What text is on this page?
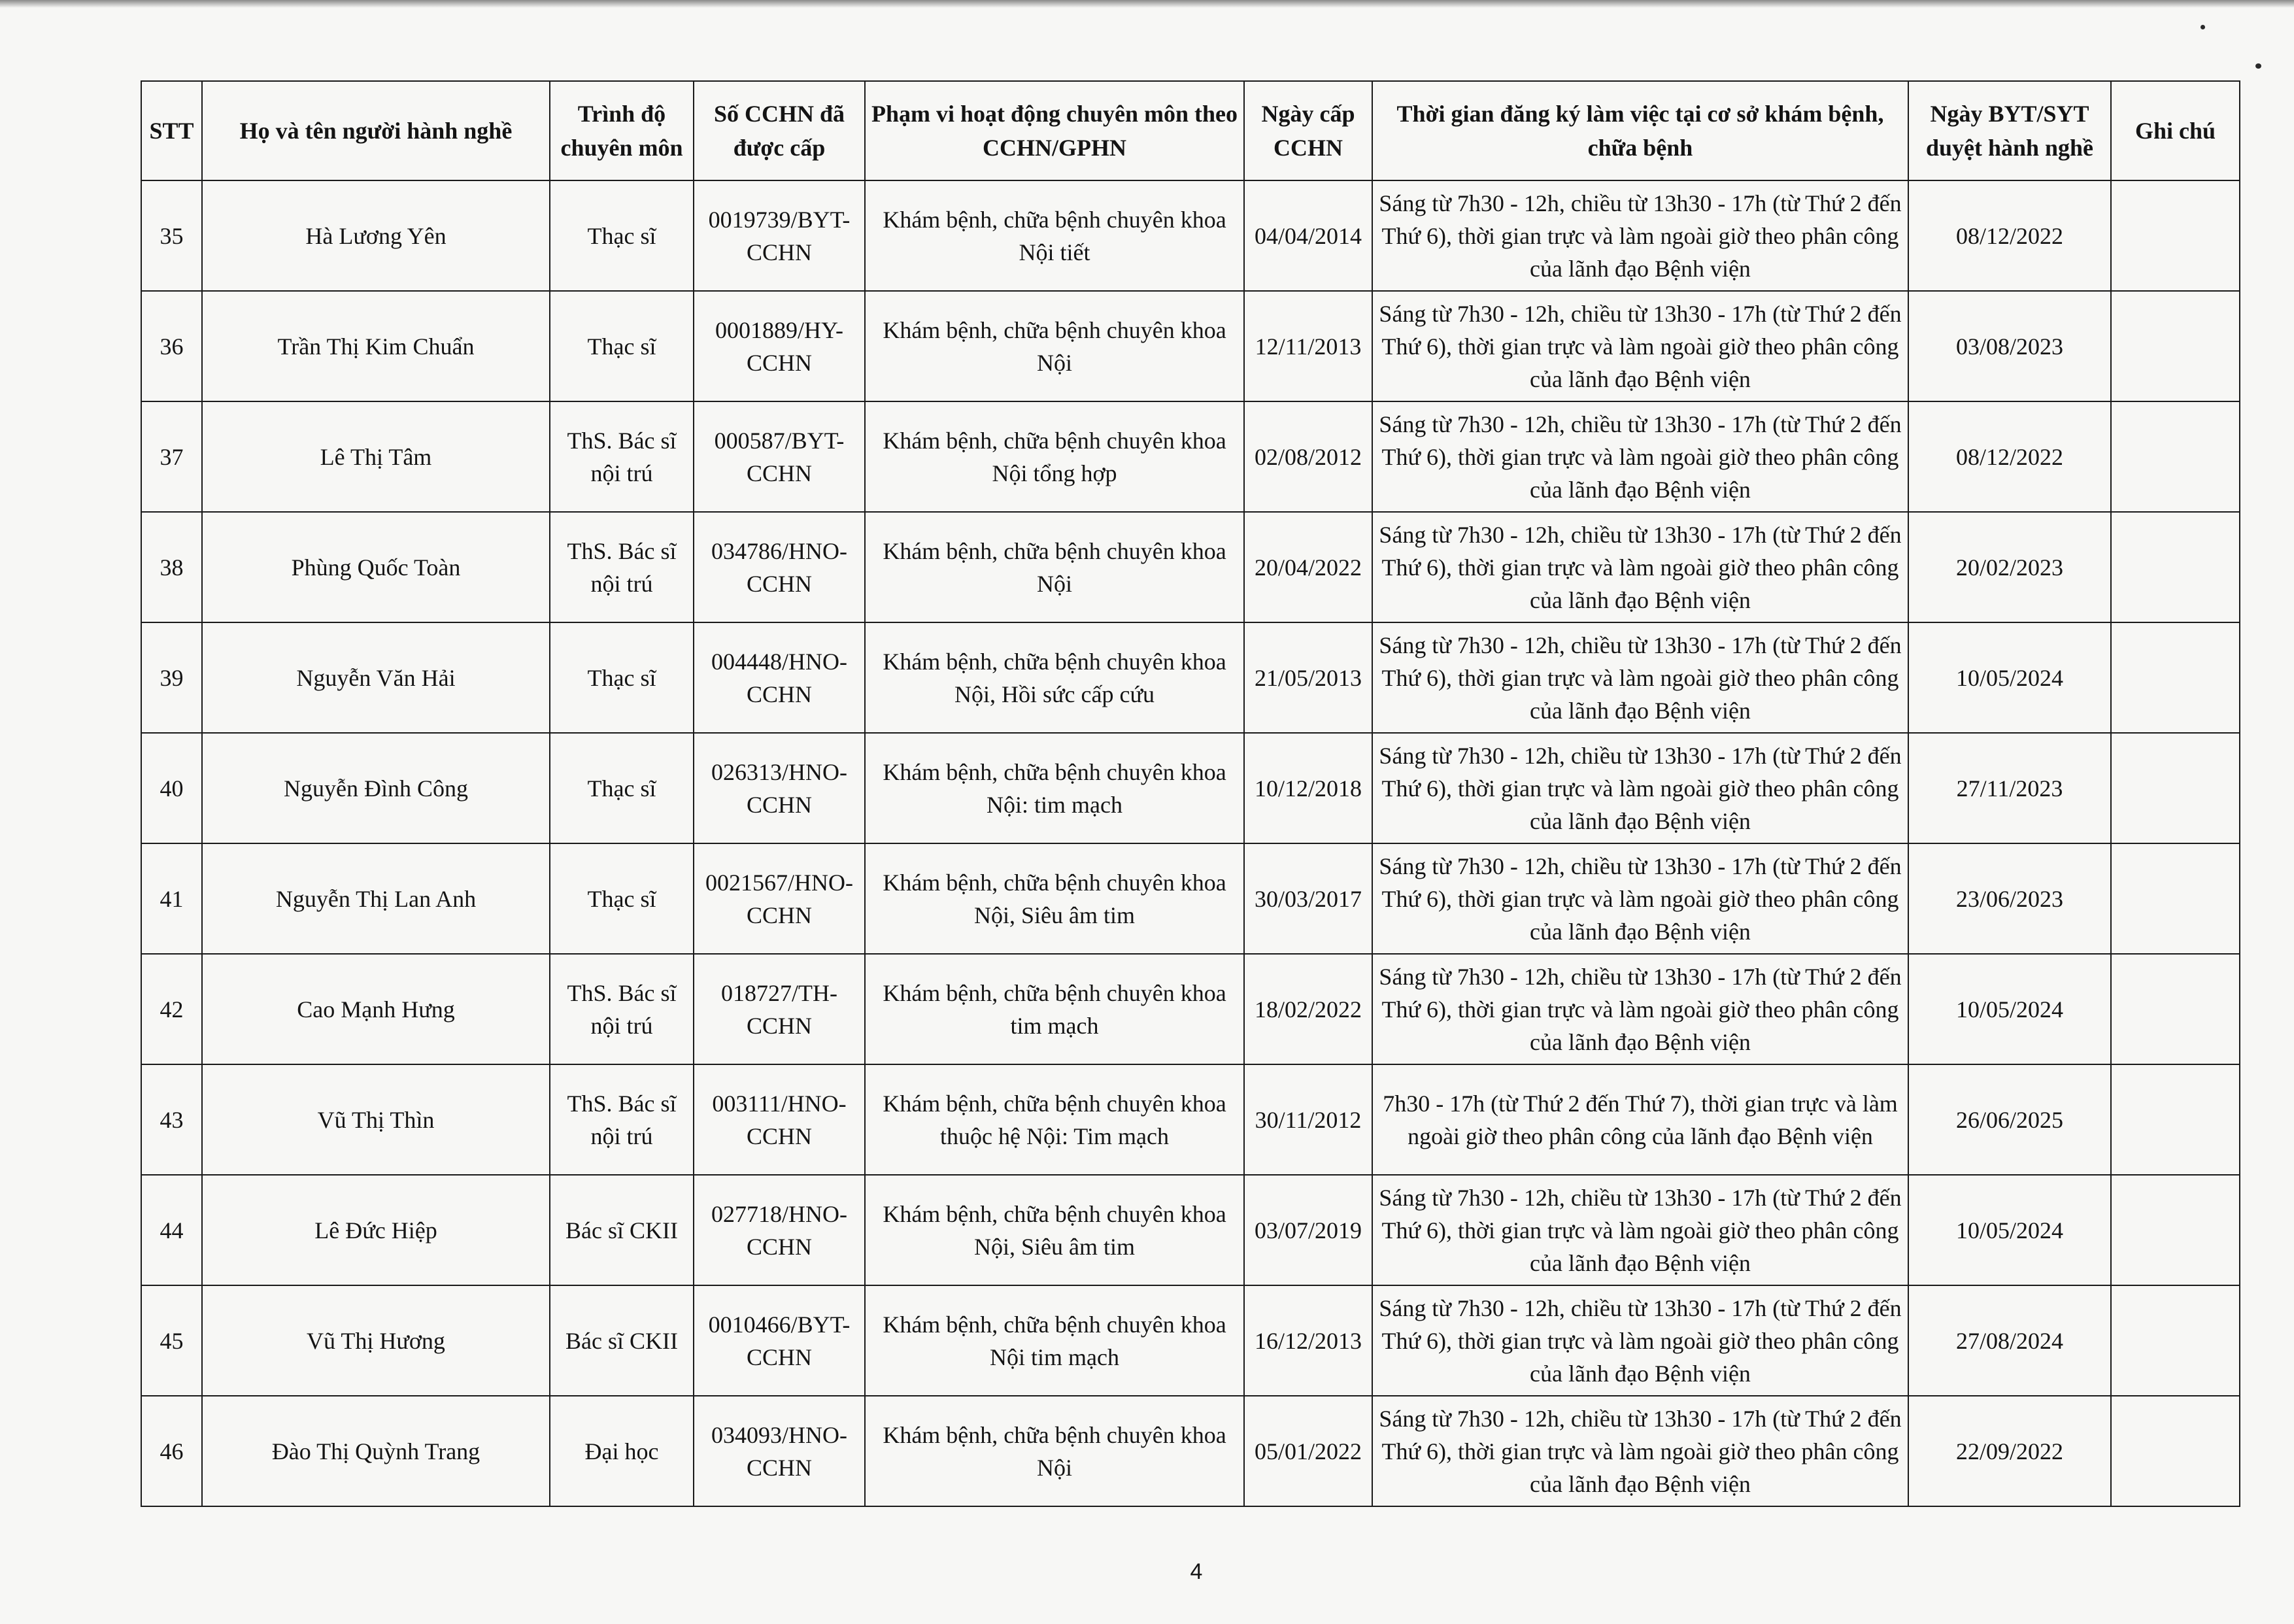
STT	Họ và tên người hành nghề	Trình độ chuyên môn	Số CCHN đã được cấp	Phạm vi hoạt động chuyên môn theo CCHN/GPHN	Ngày cấp CCHN	Thời gian đăng ký làm việc tại cơ sở khám bệnh, chữa bệnh	Ngày BYT/SYT duyệt hành nghề	Ghi chú
35	Hà Lương Yên	Thạc sĩ	0019739/BYT-CCHN	Khám bệnh, chữa bệnh chuyên khoa Nội tiết	04/04/2014	Sáng từ 7h30 - 12h, chiều từ 13h30 - 17h (từ Thứ 2 đến Thứ 6), thời gian trực và làm ngoài giờ theo phân công của lãnh đạo Bệnh viện	08/12/2022	
36	Trần Thị Kim Chuẩn	Thạc sĩ	0001889/HY-CCHN	Khám bệnh, chữa bệnh chuyên khoa Nội	12/11/2013	Sáng từ 7h30 - 12h, chiều từ 13h30 - 17h (từ Thứ 2 đến Thứ 6), thời gian trực và làm ngoài giờ theo phân công của lãnh đạo Bệnh viện	03/08/2023	
37	Lê Thị Tâm	ThS. Bác sĩ nội trú	000587/BYT-CCHN	Khám bệnh, chữa bệnh chuyên khoa Nội tổng hợp	02/08/2012	Sáng từ 7h30 - 12h, chiều từ 13h30 - 17h (từ Thứ 2 đến Thứ 6), thời gian trực và làm ngoài giờ theo phân công của lãnh đạo Bệnh viện	08/12/2022	
38	Phùng Quốc Toàn	ThS. Bác sĩ nội trú	034786/HNO-CCHN	Khám bệnh, chữa bệnh chuyên khoa Nội	20/04/2022	Sáng từ 7h30 - 12h, chiều từ 13h30 - 17h (từ Thứ 2 đến Thứ 6), thời gian trực và làm ngoài giờ theo phân công của lãnh đạo Bệnh viện	20/02/2023	
39	Nguyễn Văn Hải	Thạc sĩ	004448/HNO-CCHN	Khám bệnh, chữa bệnh chuyên khoa Nội, Hồi sức cấp cứu	21/05/2013	Sáng từ 7h30 - 12h, chiều từ 13h30 - 17h (từ Thứ 2 đến Thứ 6), thời gian trực và làm ngoài giờ theo phân công của lãnh đạo Bệnh viện	10/05/2024	
40	Nguyễn Đình Công	Thạc sĩ	026313/HNO-CCHN	Khám bệnh, chữa bệnh chuyên khoa Nội: tim mạch	10/12/2018	Sáng từ 7h30 - 12h, chiều từ 13h30 - 17h (từ Thứ 2 đến Thứ 6), thời gian trực và làm ngoài giờ theo phân công của lãnh đạo Bệnh viện	27/11/2023	
41	Nguyễn Thị Lan Anh	Thạc sĩ	0021567/HNO-CCHN	Khám bệnh, chữa bệnh chuyên khoa Nội, Siêu âm tim	30/03/2017	Sáng từ 7h30 - 12h, chiều từ 13h30 - 17h (từ Thứ 2 đến Thứ 6), thời gian trực và làm ngoài giờ theo phân công của lãnh đạo Bệnh viện	23/06/2023	
42	Cao Mạnh Hưng	ThS. Bác sĩ nội trú	018727/TH-CCHN	Khám bệnh, chữa bệnh chuyên khoa tim mạch	18/02/2022	Sáng từ 7h30 - 12h, chiều từ 13h30 - 17h (từ Thứ 2 đến Thứ 6), thời gian trực và làm ngoài giờ theo phân công của lãnh đạo Bệnh viện	10/05/2024	
43	Vũ Thị Thìn	ThS. Bác sĩ nội trú	003111/HNO-CCHN	Khám bệnh, chữa bệnh chuyên khoa thuộc hệ Nội: Tim mạch	30/11/2012	7h30 - 17h (từ Thứ 2 đến Thứ 7), thời gian trực và làm ngoài giờ theo phân công của lãnh đạo Bệnh viện	26/06/2025	
44	Lê Đức Hiệp	Bác sĩ CKII	027718/HNO-CCHN	Khám bệnh, chữa bệnh chuyên khoa Nội, Siêu âm tim	03/07/2019	Sáng từ 7h30 - 12h, chiều từ 13h30 - 17h (từ Thứ 2 đến Thứ 6), thời gian trực và làm ngoài giờ theo phân công của lãnh đạo Bệnh viện	10/05/2024	
45	Vũ Thị Hương	Bác sĩ CKII	0010466/BYT-CCHN	Khám bệnh, chữa bệnh chuyên khoa Nội tim mạch	16/12/2013	Sáng từ 7h30 - 12h, chiều từ 13h30 - 17h (từ Thứ 2 đến Thứ 6), thời gian trực và làm ngoài giờ theo phân công của lãnh đạo Bệnh viện	27/08/2024	
46	Đào Thị Quỳnh Trang	Đại học	034093/HNO-CCHN	Khám bệnh, chữa bệnh chuyên khoa Nội	05/01/2022	Sáng từ 7h30 - 12h, chiều từ 13h30 - 17h (từ Thứ 2 đến Thứ 6), thời gian trực và làm ngoài giờ theo phân công của lãnh đạo Bệnh viện	22/09/2022	
4
